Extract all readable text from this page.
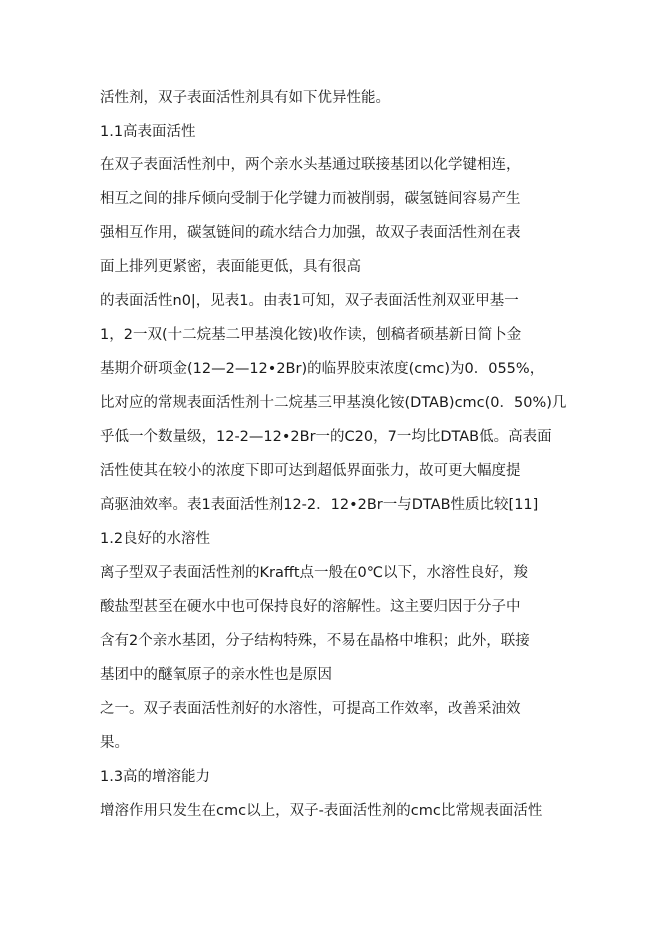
活性剂，双子表面活性剂具有如下优异性能。
1.1高表面活性
在双子表面活性剂中，两个亲水头基通过联接基团以化学键相连，
相互之间的排斥倾向受制于化学键力而被削弱，碳氢链间容易产生
强相互作用，碳氢链间的疏水结合力加强，故双子表面活性剂在表
面上排列更紧密，表面能更低，具有很高
的表面活性n0|，见表1。由表1可知，双子表面活性剂双亚甲基一
1，2一双(十二烷基二甲基溴化铵)收作读，刨稿者硕基新日简卜金
基期介研项金(12—2—12•2Br)的临界胶束浓度(cmc)为0．055%，
比对应的常规表面活性剂十二烷基三甲基溴化铵(DTAB)cmc(0．50%)几
乎低一个数量级，12-2—12•2Br一的C20，7一均比DTAB低。高表面
活性使其在较小的浓度下即可达到超低界面张力，故可更大幅度提
高驱油效率。表1表面活性剂12-2．12•2Br一与DTAB性质比较[11]
1.2良好的水溶性
离子型双子表面活性剂的Krafft点一般在0℃以下，水溶性良好，羧
酸盐型甚至在硬水中也可保持良好的溶解性。这主要归因于分子中
含有2个亲水基团，分子结构特殊，不易在晶格中堆积；此外，联接
基团中的醚氧原子的亲水性也是原因
之一。双子表面活性剂好的水溶性，可提高工作效率，改善采油效
果。
1.3高的增溶能力
增溶作用只发生在cmc以上，双子-表面活性剂的cmc比常规表面活性
